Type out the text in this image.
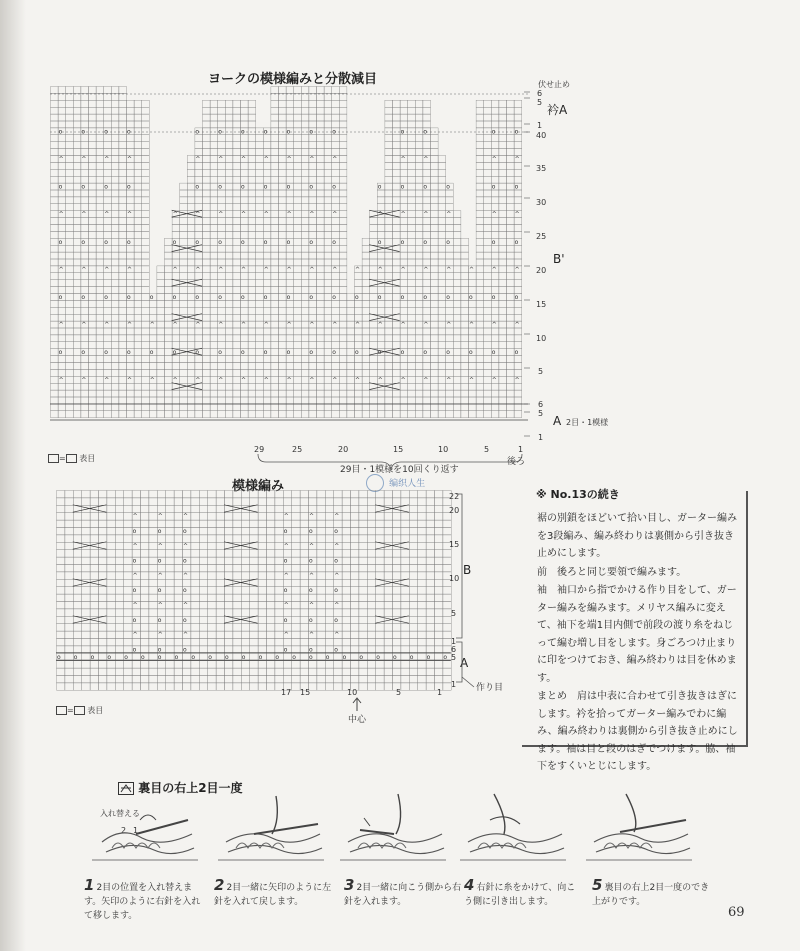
ヨークの模様編みと分散減目
o	o	o	o	o	o	o	o	o	o	o	o	o	o	o
^	^	^	^	^	^	^	^	^	^	^	^	^	^	^
o	o	o	o	o	o	o	o	o	o	o	o	o	o	o	o	o
^	^	^	^	^	^	^	^	^	^	^	^	^	^	^	^	^	^
o	o	o	o	o	o	o	o	o	o	o	o	o	o	o	o	o	o
^	^	^	^	^	^	^	^	^	^	^	^	^	^	^	^	^	^	^	^
o	o	o	o	o	o	o	o	o	o	o	o	o	o	o	o	o	o	o	o	o
^	^	^	^	^	^	^	^	^	^	^	^	^	^	^	^	^	^	^	^	^
o	o	o	o	o	o	o	o	o	o	o	o	o	o	o	o	o	o	o	o	o
^	^	^	^	^	^	^	^	^	^	^	^	^	^	^	^	^	^	^	^	^
伏せ止め
衿A
B'
A 2目・1模様
6
5
1
40
35
30
25
20
15
10
5
6
5
1
29	25	20	15	10	5	1
29目・1模様を10回くり返す
後ろ
= 表目
编织人生
模様編み
^	^	^	^	^	^
o	o	o	o	o	o
^	^	^	^	^	^
o	o	o	o	o	o
^	^	^	^	^	^
o	o	o	o	o	o
^	^	^	^	^	^
o	o	o	o	o	o
^	^	^	^	^	^
o	o	o	o	o	o
o o o o o o o o o o o o o o o o o o o o o o o o
22
20
15
10
5
1
6
5
1
B
A
作り目
17 15	10	5	1
中心
= 表目
※ No.13の続き

裾の別鎖をほどいて拾い目し、ガーター編みを3段編み、編み終わりは裏側から引き抜き止めにします。

前　後ろと同じ要領で編みます。

袖　袖口から指でかける作り目をして、ガーター編みを編みます。メリヤス編みに変えて、袖下を端1目内側で前段の渡り糸をねじって編む増し目をします。身ごろつけ止まりに印をつけておき、編み終わりは目を休めます。

まとめ　肩は中表に合わせて引き抜きはぎにします。衿を拾ってガーター編みでわに編み、編み終わりは裏側から引き抜き止めにします。袖は目と段のはぎでつけます。脇、袖下をすくいとじにします。

裏目の右上2目一度
入れ替える
2 1
1 2目の位置を入れ替えます。矢印のように右針を入れて移します。
2 2目一緒に矢印のように左針を入れて戻します。
3 2目一緒に向こう側から右針を入れます。
4 右針に糸をかけて、向こう側に引き出します。
5 裏目の右上2目一度のでき上がりです。
69
